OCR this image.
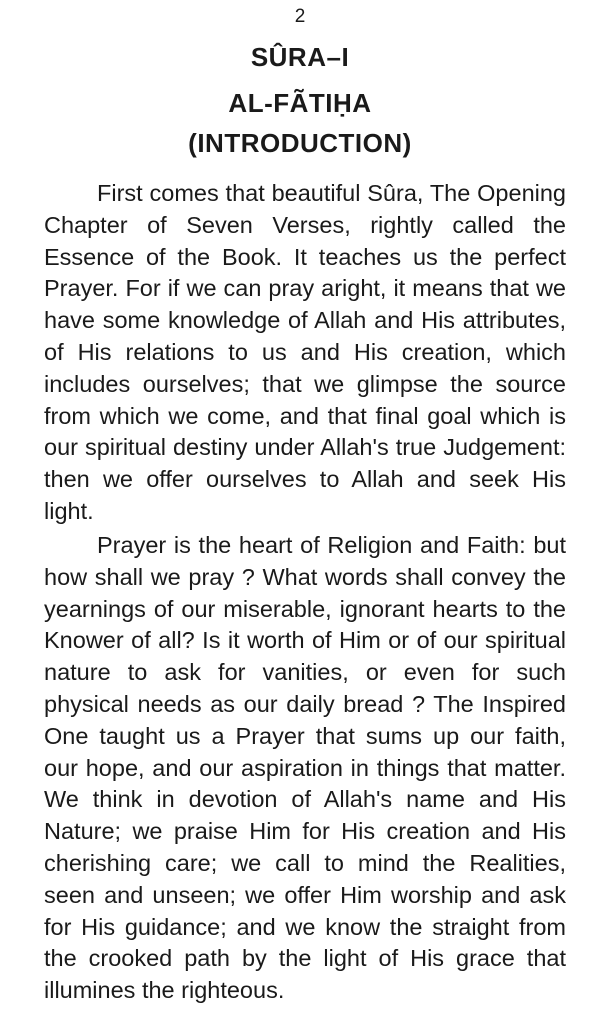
2
SÛRA–I
AL-FÃTIḤA
(INTRODUCTION)

First comes that beautiful Sûra, The Opening Chapter of Seven Verses, rightly called the Essence of the Book. It teaches us the perfect Prayer. For if we can pray aright, it means that we have some knowledge of Allah and His attributes, of His relations to us and His creation, which includes ourselves; that we glimpse the source from which we come, and that final goal which is our spiritual destiny under Allah's true Judgement: then we offer ourselves to Allah and seek His light.

Prayer is the heart of Religion and Faith: but how shall we pray ? What words shall convey the yearnings of our miserable, ignorant hearts to the Knower of all? Is it worth of Him or of our spiritual nature to ask for vanities, or even for such physical needs as our daily bread ? The Inspired One taught us a Prayer that sums up our faith, our hope, and our aspiration in things that matter. We think in devotion of Allah's name and His Nature; we praise Him for His creation and His cherishing care; we call to mind the Realities, seen and unseen; we offer Him worship and ask for His guidance; and we know the straight from the crooked path by the light of His grace that illumines the righteous.
